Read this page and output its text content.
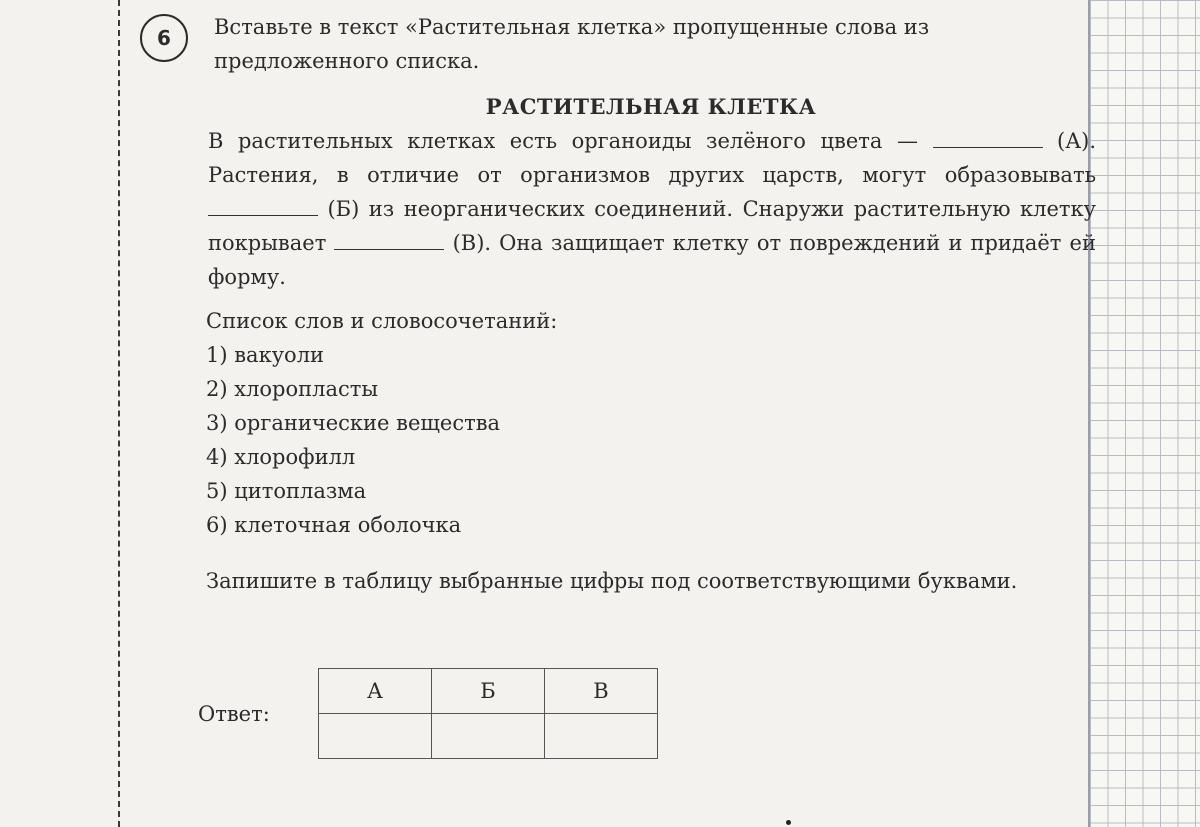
6 Вставьте в текст «Растительная клетка» пропущенные слова из предложенного списка.

РАСТИТЕЛЬНАЯ КЛЕТКА

В растительных клетках есть органоиды зелёного цвета —	(А). Растения, в отличие от организмов других царств, могут образовывать  (Б) из неорганических соединений. Снаружи растительную клетку покрывает	(В). Она защищает клетку от повреждений и придаёт ей форму.

Список слов и словосочетаний:

1) вакуоли
2) хлоропласты
3) органические вещества
4) хлорофилл
5) цитоплазма
6) клеточная оболочка

Запишите в таблицу выбранные цифры под соответствующими буквами.

Ответ:
А	Б	В
